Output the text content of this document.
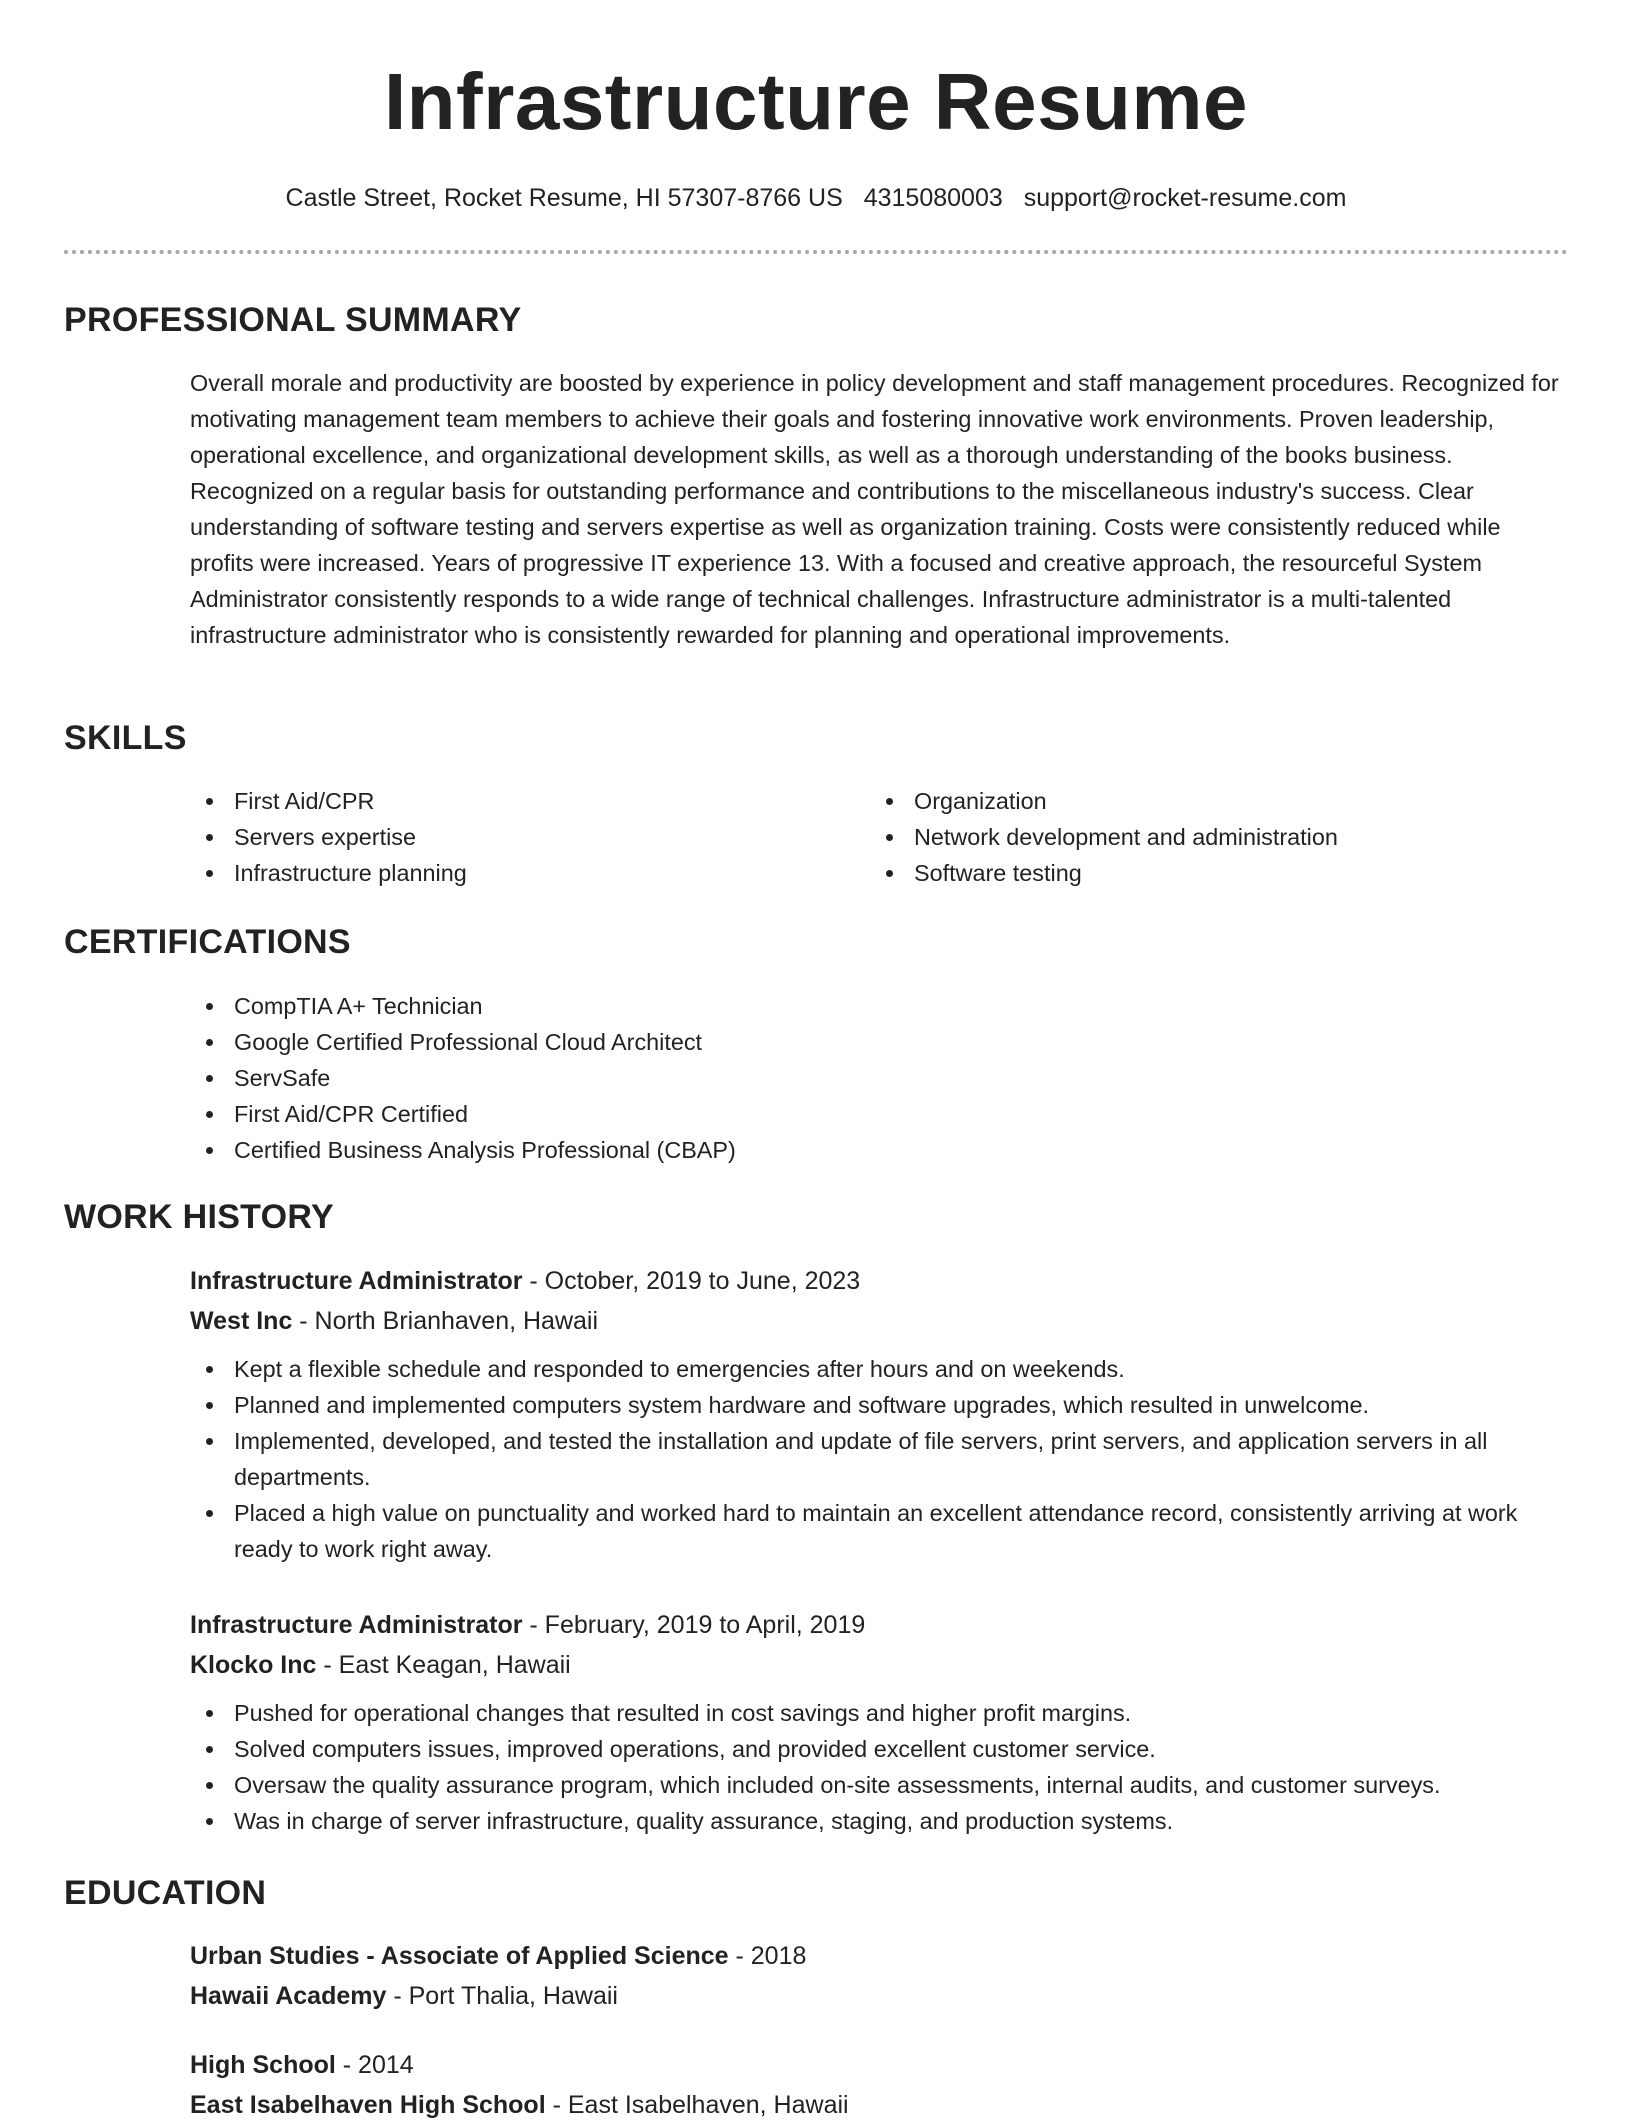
Infrastructure Resume
Castle Street, Rocket Resume, HI 57307-8766 US 4315080003 support@rocket-resume.com
PROFESSIONAL SUMMARY
Overall morale and productivity are boosted by experience in policy development and staff management procedures. Recognized for motivating management team members to achieve their goals and fostering innovative work environments. Proven leadership, operational excellence, and organizational development skills, as well as a thorough understanding of the books business. Recognized on a regular basis for outstanding performance and contributions to the miscellaneous industry's success. Clear understanding of software testing and servers expertise as well as organization training. Costs were consistently reduced while profits were increased. Years of progressive IT experience 13. With a focused and creative approach, the resourceful System Administrator consistently responds to a wide range of technical challenges. Infrastructure administrator is a multi-talented infrastructure administrator who is consistently rewarded for planning and operational improvements.
SKILLS
First Aid/CPR
Servers expertise
Infrastructure planning
Organization
Network development and administration
Software testing
CERTIFICATIONS
CompTIA A+ Technician
Google Certified Professional Cloud Architect
ServSafe
First Aid/CPR Certified
Certified Business Analysis Professional (CBAP)
WORK HISTORY
Infrastructure Administrator - October, 2019 to June, 2023
West Inc - North Brianhaven, Hawaii
Kept a flexible schedule and responded to emergencies after hours and on weekends.
Planned and implemented computers system hardware and software upgrades, which resulted in unwelcome.
Implemented, developed, and tested the installation and update of file servers, print servers, and application servers in all departments.
Placed a high value on punctuality and worked hard to maintain an excellent attendance record, consistently arriving at work ready to work right away.
Infrastructure Administrator - February, 2019 to April, 2019
Klocko Inc - East Keagan, Hawaii
Pushed for operational changes that resulted in cost savings and higher profit margins.
Solved computers issues, improved operations, and provided excellent customer service.
Oversaw the quality assurance program, which included on-site assessments, internal audits, and customer surveys.
Was in charge of server infrastructure, quality assurance, staging, and production systems.
EDUCATION
Urban Studies - Associate of Applied Science - 2018
Hawaii Academy - Port Thalia, Hawaii
High School - 2014
East Isabelhaven High School - East Isabelhaven, Hawaii
